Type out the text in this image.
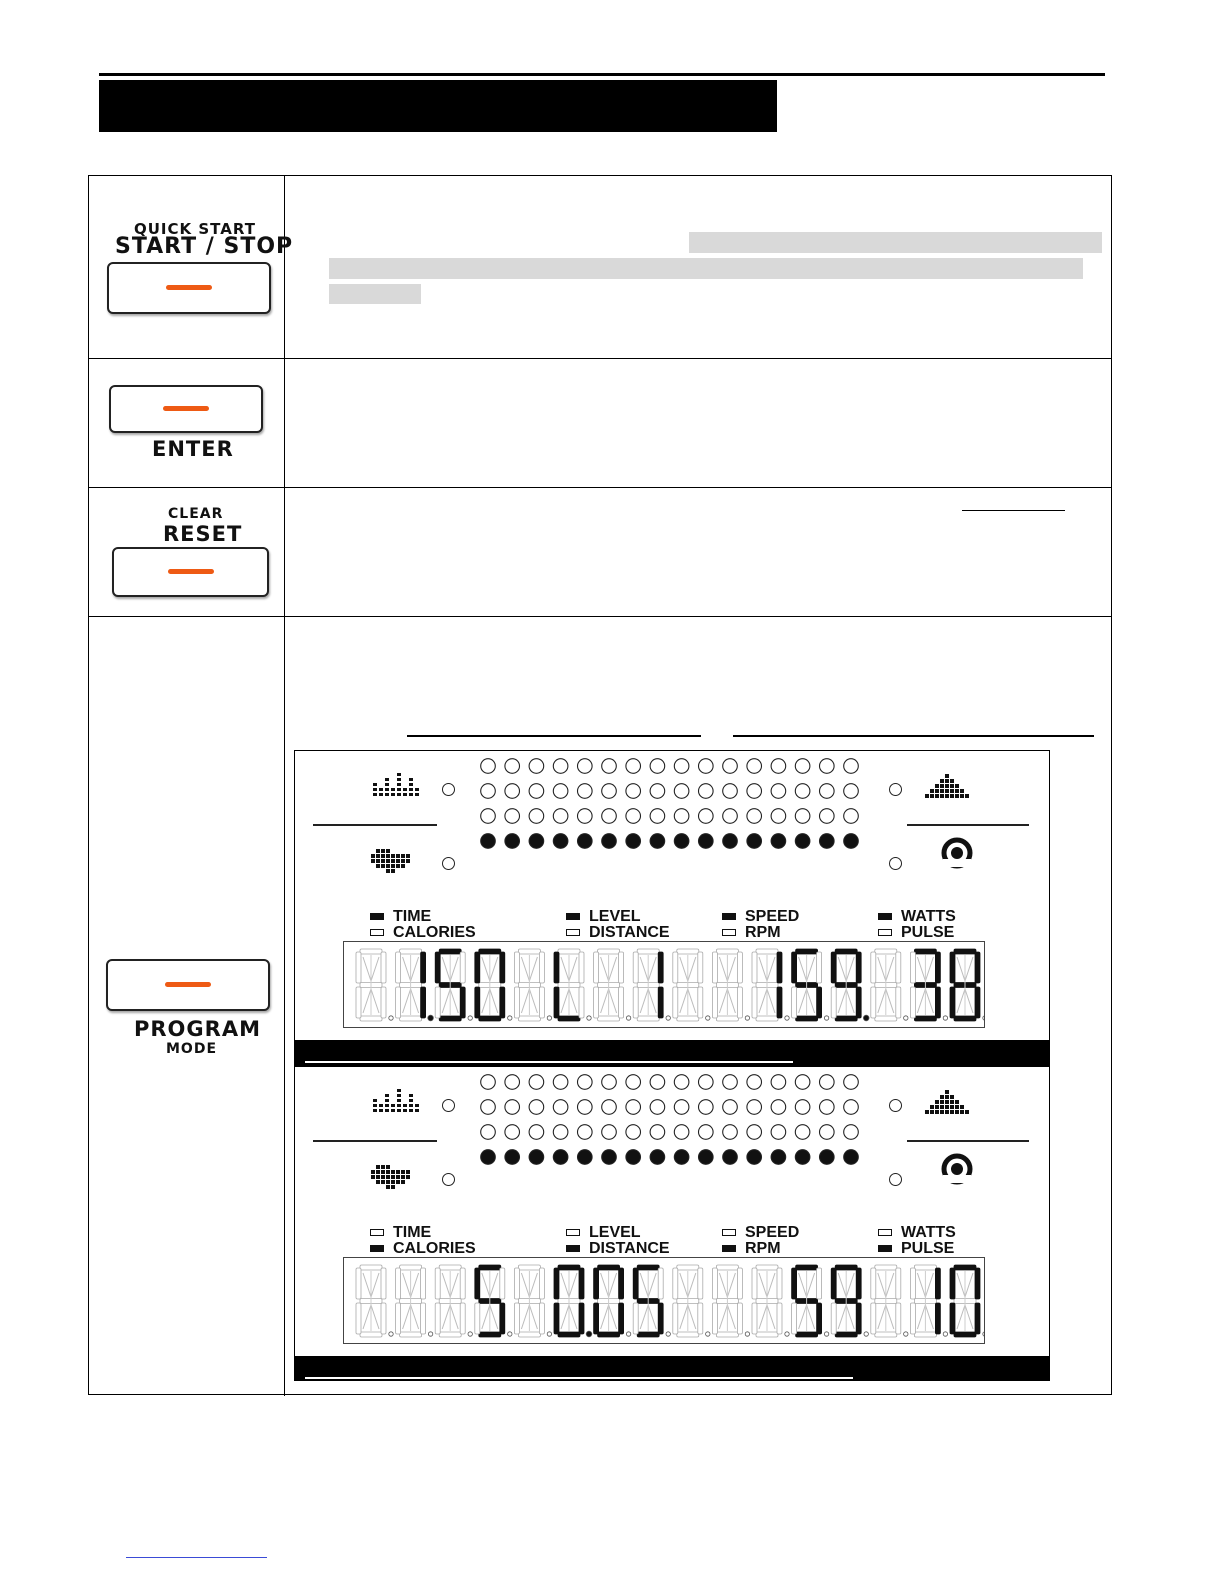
QUICK START
START / STOP
ENTER
CLEAR
RESET
PROGRAM
MODE
TIME
CALORIES
LEVEL
DISTANCE
SPEED
RPM
WATTS
PULSE
TIME
CALORIES
LEVEL
DISTANCE
SPEED
RPM
WATTS
PULSE
